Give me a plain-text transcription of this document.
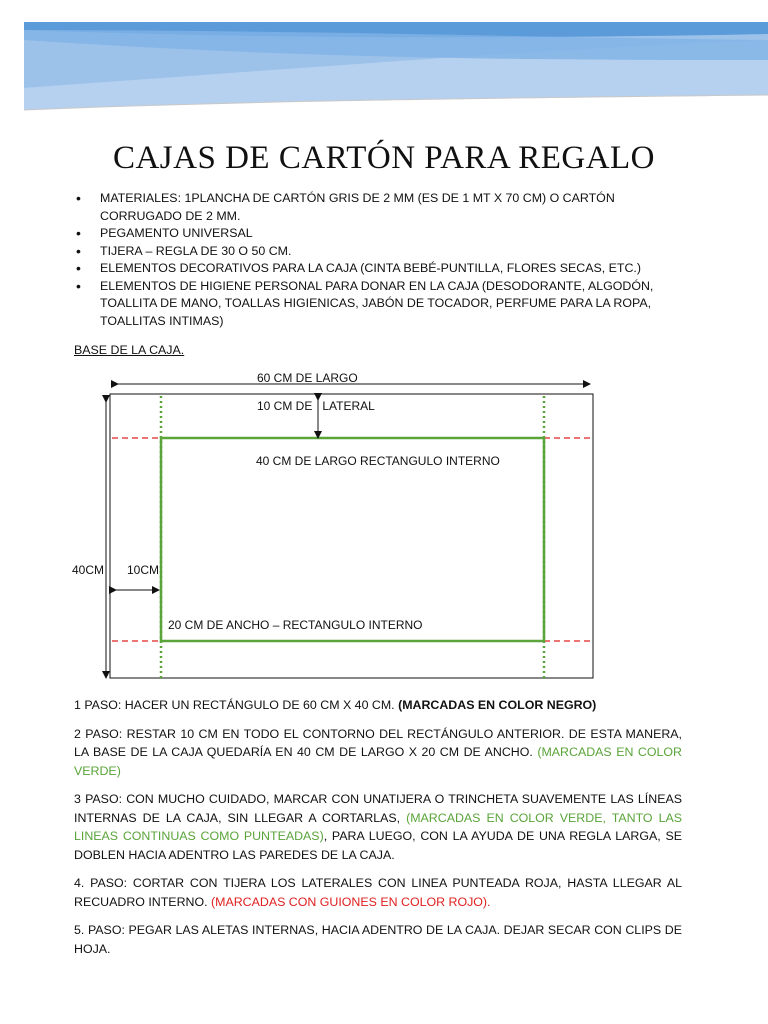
CAJAS DE CARTÓN PARA REGALO
• MATERIALES: 1PLANCHA DE CARTÓN GRIS DE 2 MM (ES DE 1 MT X 70 CM) O CARTÓN CORRUGADO DE 2 MM.
• PEGAMENTO UNIVERSAL
• TIJERA – REGLA DE 30 O 50 CM.
• ELEMENTOS DECORATIVOS PARA LA CAJA (CINTA BEBÉ-PUNTILLA, FLORES SECAS, ETC.)
• ELEMENTOS DE HIGIENE PERSONAL PARA DONAR EN LA CAJA (DESODORANTE, ALGODÓN, TOALLITA DE MANO, TOALLAS HIGIENICAS, JABÓN DE TOCADOR, PERFUME PARA LA ROPA, TOALLITAS INTIMAS)
BASE DE LA CAJA.
60 CM DE LARGO
10 CM DE   LATERAL
40 CM DE LARGO RECTANGULO INTERNO
40CM 10CM
20 CM DE ANCHO – RECTANGULO INTERNO

1 PASO: HACER UN RECTÁNGULO DE 60 CM X 40 CM. (MARCADAS EN COLOR NEGRO)

2 PASO: RESTAR 10 CM EN TODO EL CONTORNO DEL RECTÁNGULO ANTERIOR. DE ESTA MANERA, LA BASE DE LA CAJA QUEDARÍA EN 40 CM DE LARGO X 20 CM DE ANCHO. (MARCADAS EN COLOR VERDE)

3 PASO: CON MUCHO CUIDADO, MARCAR CON UNATIJERA O TRINCHETA SUAVEMENTE LAS LÍNEAS INTERNAS DE LA CAJA, SIN LLEGAR A CORTARLAS, (MARCADAS EN COLOR VERDE, TANTO LAS LINEAS CONTINUAS COMO PUNTEADAS), PARA LUEGO, CON LA AYUDA DE UNA REGLA LARGA, SE DOBLEN HACIA ADENTRO LAS PAREDES DE LA CAJA.

4. PASO: CORTAR CON TIJERA LOS LATERALES CON LINEA PUNTEADA ROJA, HASTA LLEGAR AL RECUADRO INTERNO. (MARCADAS CON GUIONES EN COLOR ROJO).

5. PASO: PEGAR LAS ALETAS INTERNAS, HACIA ADENTRO DE LA CAJA. DEJAR SECAR CON CLIPS DE HOJA.
